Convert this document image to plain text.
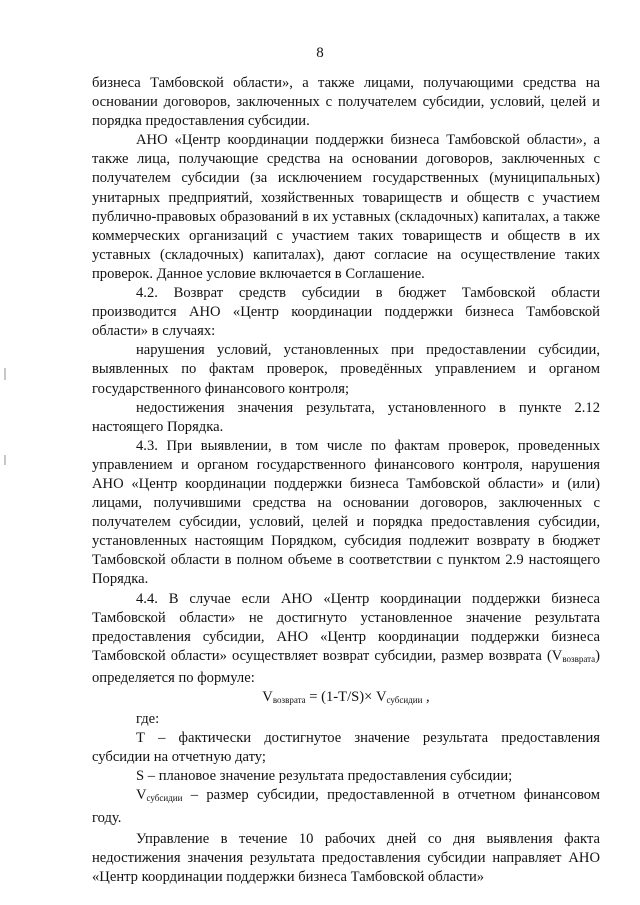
8

бизнеса Тамбовской области», а также лицами, получающими средства на основании договоров, заключенных с получателем субсидии, условий, целей и порядка предоставления субсидии.

АНО «Центр координации поддержки бизнеса Тамбовской области», а также лица, получающие средства на основании договоров, заключенных с получателем субсидии (за исключением государственных (муниципальных) унитарных предприятий, хозяйственных товариществ и обществ с участием публично-правовых образований в их уставных (складочных) капиталах, а также коммерческих организаций с участием таких товариществ и обществ в их уставных (складочных) капиталах), дают согласие на осуществление таких проверок. Данное условие включается в Соглашение.

4.2. Возврат средств субсидии в бюджет Тамбовской области производится АНО «Центр координации поддержки бизнеса Тамбовской области» в случаях:

нарушения условий, установленных при предоставлении субсидии, выявленных по фактам проверок, проведённых управлением и органом государственного финансового контроля;

недостижения значения результата, установленного в пункте 2.12 настоящего Порядка.

4.3. При выявлении, в том числе по фактам проверок, проведенных управлением и органом государственного финансового контроля, нарушения АНО «Центр координации поддержки бизнеса Тамбовской области» и (или) лицами, получившими средства на основании договоров, заключенных с получателем субсидии, условий, целей и порядка предоставления субсидии, установленных настоящим Порядком, субсидия подлежит возврату в бюджет Тамбовской области в полном объеме в соответствии с пунктом 2.9 настоящего Порядка.

4.4. В случае если АНО «Центр координации поддержки бизнеса Тамбовской области» не достигнуто установленное значение результата предоставления субсидии, АНО «Центр координации поддержки бизнеса Тамбовской области» осуществляет возврат субсидии, размер возврата $(V_{возврата})$ определяется по формуле:

$V_{возврата} = (1-T/S)\times V_{субсидии}$ ,

где:

Т – фактически достигнутое значение результата предоставления субсидии на отчетную дату;

S – плановое значение результата предоставления субсидии;

$V_{субсидии}$ – размер субсидии, предоставленной в отчетном финансовом году.

Управление в течение 10 рабочих дней со дня выявления факта недостижения значения результата предоставления субсидии направляет АНО «Центр координации поддержки бизнеса Тамбовской области»
